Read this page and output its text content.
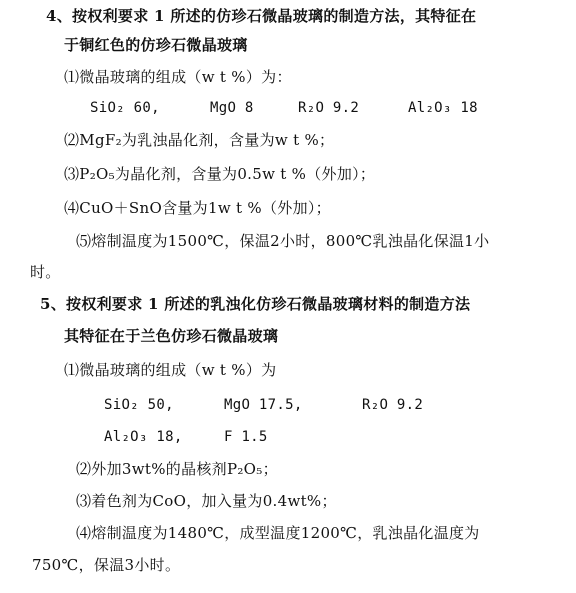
4、按权利要求 1 所述的仿珍石微晶玻璃的制造方法，其特征在
于铜红色的仿珍石微晶玻璃
⑴微晶玻璃的组成（w t %）为：
SiO₂ 60,	MgO 8	R₂O 9.2	Al₂O₃ 18
⑵MgF₂为乳浊晶化剂，含量为w t %；
⑶P₂O₅为晶化剂，含量为0.5w t %（外加）；
⑷CuO＋SnO含量为1w t %（外加）；
⑸熔制温度为1500℃，保温2小时，800℃乳浊晶化保温1小
时。
5、按权利要求 1 所述的乳浊化仿珍石微晶玻璃材料的制造方法
其特征在于兰色仿珍石微晶玻璃
⑴微晶玻璃的组成（w t %）为
SiO₂ 50,	MgO 17.5,	R₂O 9.2
Al₂O₃ 18,	F 1.5
⑵外加3wt%的晶核剂P₂O₅；
⑶着色剂为CoO，加入量为0.4wt%；
⑷熔制温度为1480℃，成型温度1200℃，乳浊晶化温度为
750℃，保温3小时。
